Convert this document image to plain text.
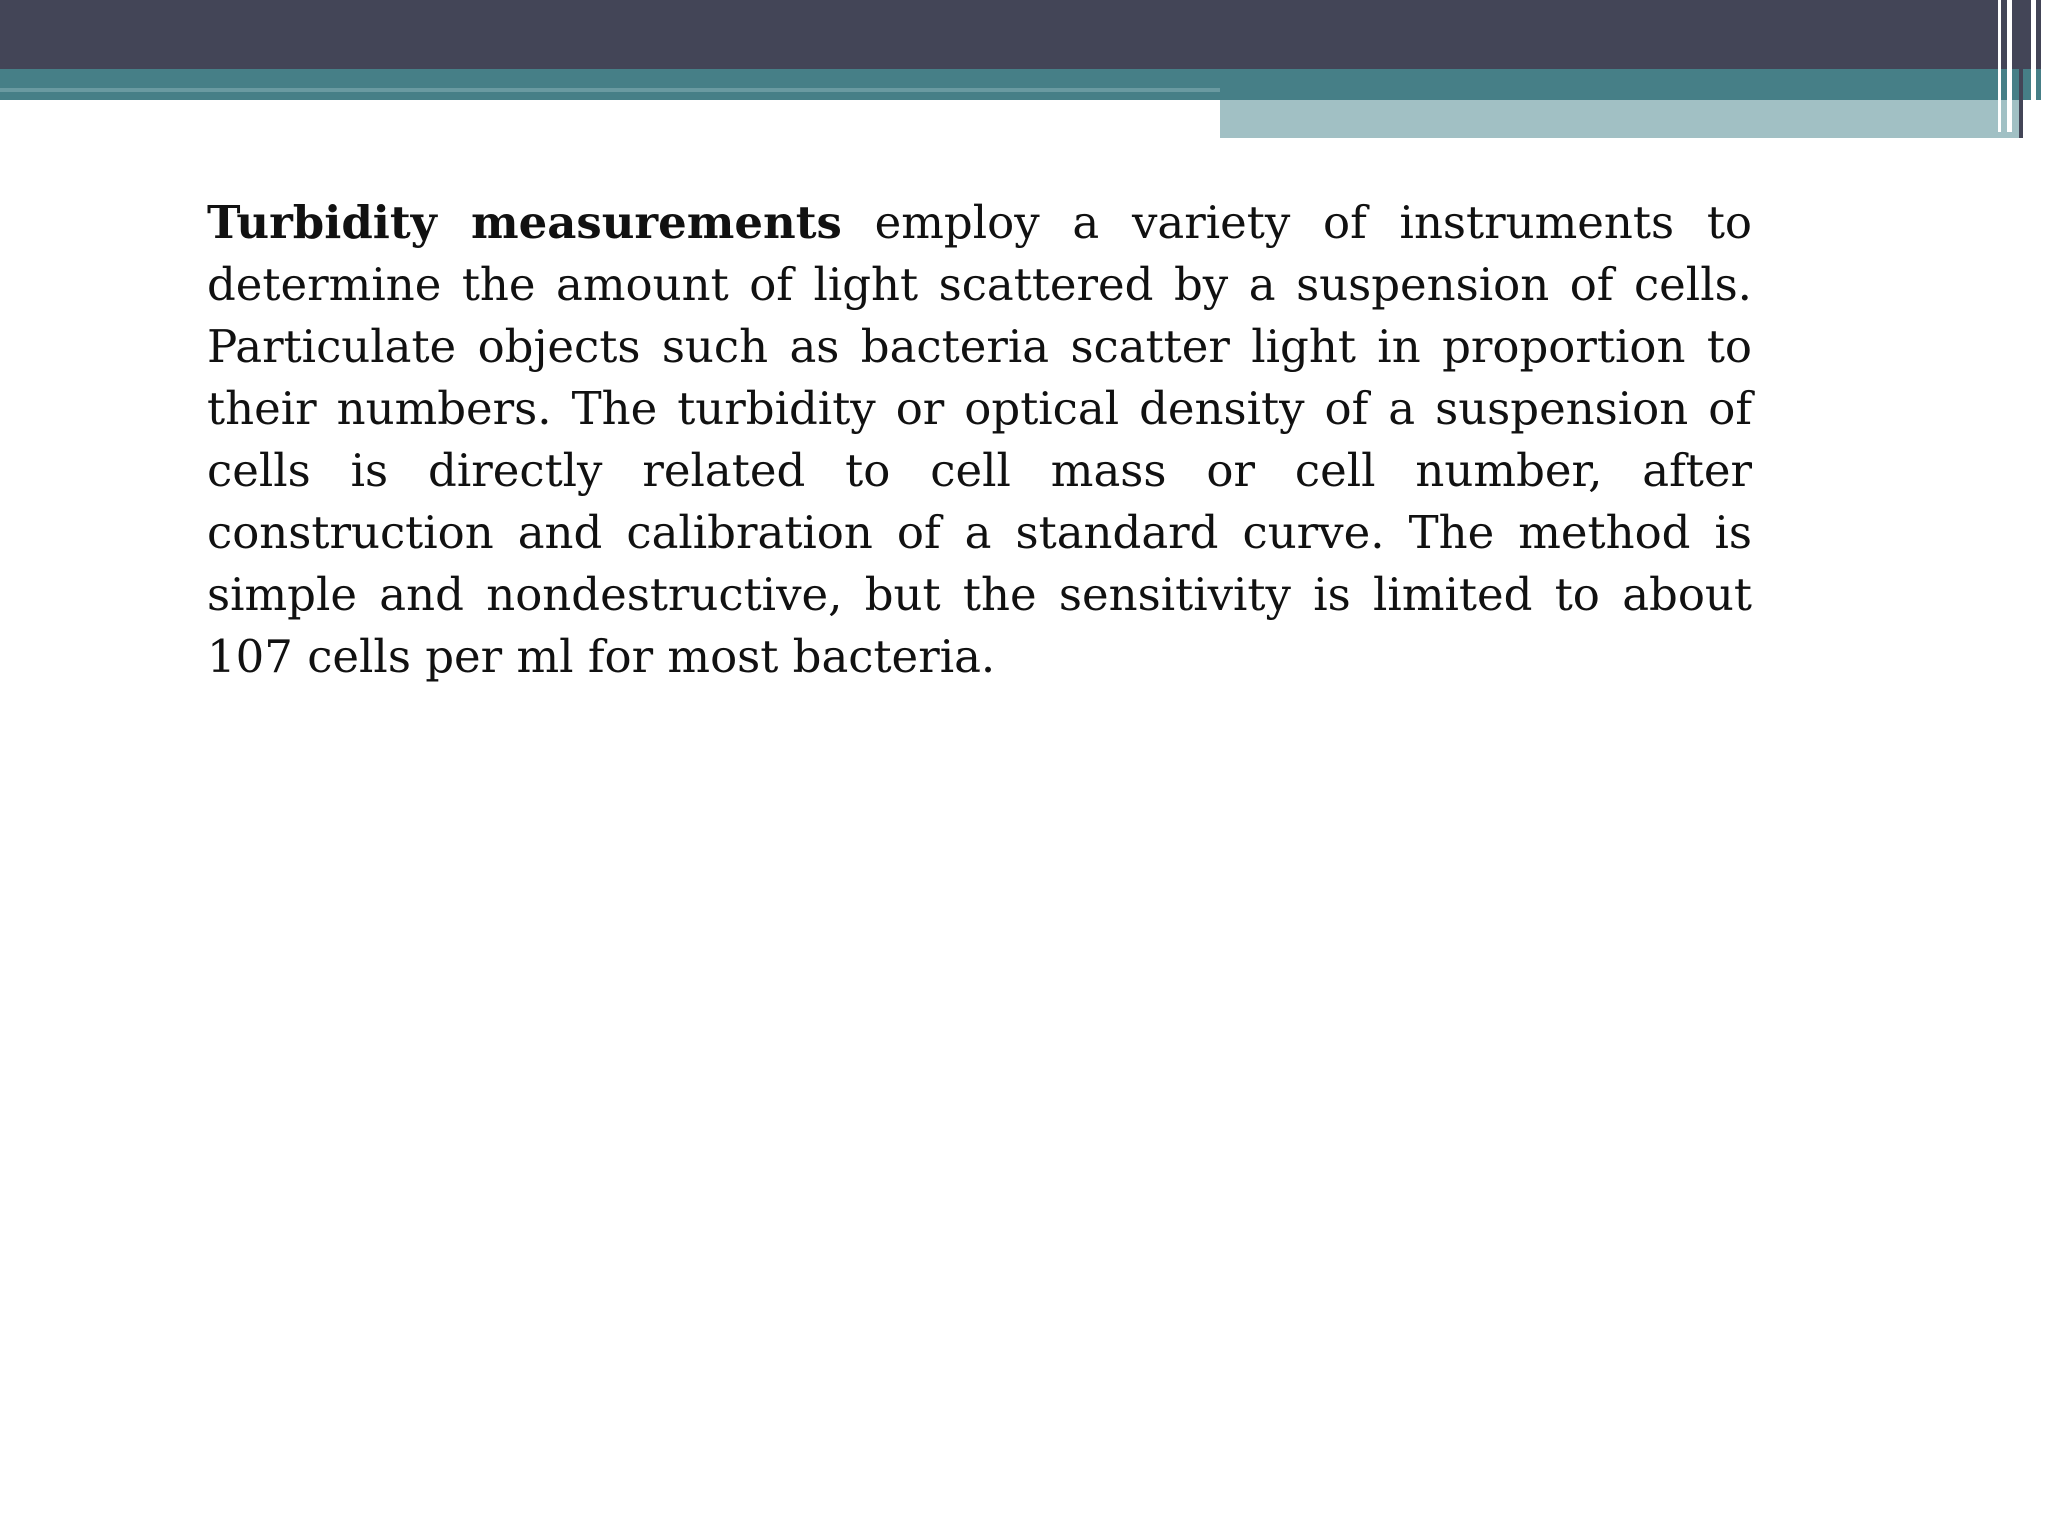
Turbidity measurements employ a variety of instruments to determine the amount of light scattered by a suspension of cells. Particulate objects such as bacteria scatter light in proportion to their numbers. The turbidity or optical density of a suspension of cells is directly related to cell mass or cell number, after construction and calibration of a standard curve. The method is simple and nondestructive, but the sensitivity is limited to about 107 cells per ml for most bacteria.
